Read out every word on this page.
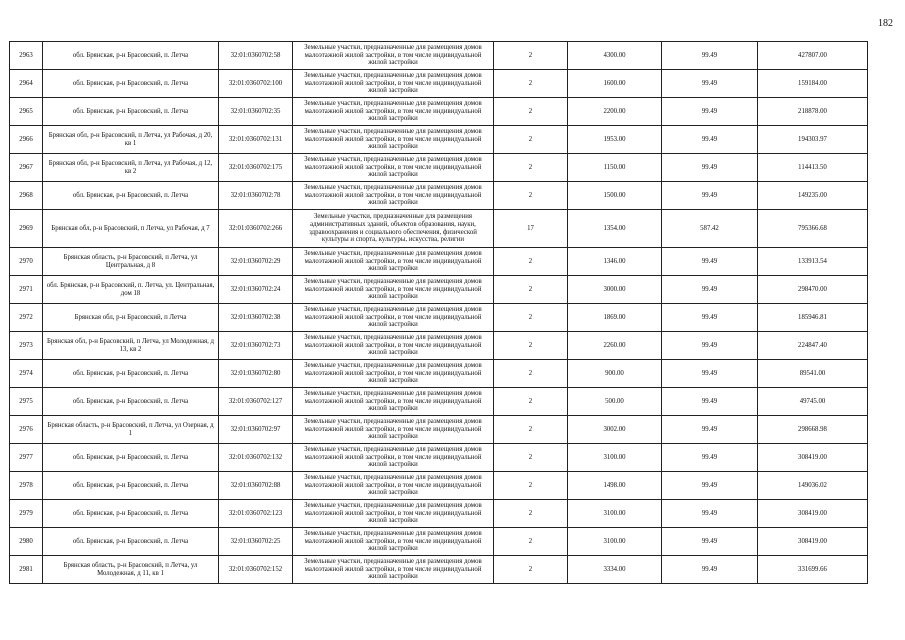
182
2963	обл. Брянская, р-н Брасовский, п. Летча	32:01:0360702:58	Земельные участки, предназначенные для размещения домов малоэтажной жилой застройки, в том числе индивидуальной жилой застройки	2	4300.00	99.49	427807.00
2964	обл. Брянская, р-н Брасовский, п. Летча	32:01:0360702:100	Земельные участки, предназначенные для размещения домов малоэтажной жилой застройки, в том числе индивидуальной жилой застройки	2	1600.00	99.49	159184.00
2965	обл. Брянская, р-н Брасовский, п. Летча	32:01:0360702:35	Земельные участки, предназначенные для размещения домов малоэтажной жилой застройки, в том числе индивидуальной жилой застройки	2	2200.00	99.49	218878.00
2966	Брянская обл, р-н Брасовский, п Летча, ул Рабочая, д 20, кв 1	32:01:0360702:131	Земельные участки, предназначенные для размещения домов малоэтажной жилой застройки, в том числе индивидуальной жилой застройки	2	1953.00	99.49	194303.97
2967	Брянская обл, р-н Брасовский, п Летча, ул Рабочая, д 12, кв 2	32:01:0360702:175	Земельные участки, предназначенные для размещения домов малоэтажной жилой застройки, в том числе индивидуальной жилой застройки	2	1150.00	99.49	114413.50
2968	обл. Брянская, р-н Брасовский, п. Летча	32:01:0360702:78	Земельные участки, предназначенные для размещения домов малоэтажной жилой застройки, в том числе индивидуальной жилой застройки	2	1500.00	99.49	149235.00
2969	Брянская обл, р-н Брасовский, п Летча, ул Рабочая, д 7	32:01:0360702:266	Земельные участки, предназначенные для размещения административных зданий, объектов образования, науки, здравоохранения и социального обеспечения, физической культуры и спорта, культуры, искусства, религии	17	1354.00	587.42	795366.68
2970	Брянская область, р-н Брасовский, п Летча, ул Центральная, д 8	32:01:0360702:29	Земельные участки, предназначенные для размещения домов малоэтажной жилой застройки, в том числе индивидуальной жилой застройки	2	1346.00	99.49	133913.54
2971	обл. Брянская, р-н Брасовский, п. Летча, ул. Центральная, дом 18	32:01:0360702:24	Земельные участки, предназначенные для размещения домов малоэтажной жилой застройки, в том числе индивидуальной жилой застройки	2	3000.00	99.49	298470.00
2972	Брянская обл, р-н Брасовский, п Летча	32:01:0360702:38	Земельные участки, предназначенные для размещения домов малоэтажной жилой застройки, в том числе индивидуальной жилой застройки	2	1869.00	99.49	185946.81
2973	Брянская обл, р-н Брасовский, п Летча, ул Молодежная, д 13, кв 2	32:01:0360702:73	Земельные участки, предназначенные для размещения домов малоэтажной жилой застройки, в том числе индивидуальной жилой застройки	2	2260.00	99.49	224847.40
2974	обл. Брянская, р-н Брасовский, п. Летча	32:01:0360702:80	Земельные участки, предназначенные для размещения домов малоэтажной жилой застройки, в том числе индивидуальной жилой застройки	2	900.00	99.49	89541.00
2975	обл. Брянская, р-н Брасовский, п. Летча	32:01:0360702:127	Земельные участки, предназначенные для размещения домов малоэтажной жилой застройки, в том числе индивидуальной жилой застройки	2	500.00	99.49	49745.00
2976	Брянская область, р-н Брасовский, п Летча, ул Озерная, д 1	32:01:0360702:97	Земельные участки, предназначенные для размещения домов малоэтажной жилой застройки, в том числе индивидуальной жилой застройки	2	3002.00	99.49	298668.98
2977	обл. Брянская, р-н Брасовский, п. Летча	32:01:0360702:132	Земельные участки, предназначенные для размещения домов малоэтажной жилой застройки, в том числе индивидуальной жилой застройки	2	3100.00	99.49	308419.00
2978	обл. Брянская, р-н Брасовский, п. Летча	32:01:0360702:88	Земельные участки, предназначенные для размещения домов малоэтажной жилой застройки, в том числе индивидуальной жилой застройки	2	1498.00	99.49	149036.02
2979	обл. Брянская, р-н Брасовский, п. Летча	32:01:0360702:123	Земельные участки, предназначенные для размещения домов малоэтажной жилой застройки, в том числе индивидуальной жилой застройки	2	3100.00	99.49	308419.00
2980	обл. Брянская, р-н Брасовский, п. Летча	32:01:0360702:25	Земельные участки, предназначенные для размещения домов малоэтажной жилой застройки, в том числе индивидуальной жилой застройки	2	3100.00	99.49	308419.00
2981	Брянская область, р-н Брасовский, п Летча, ул Молодежная, д 11, кв 1	32:01:0360702:152	Земельные участки, предназначенные для размещения домов малоэтажной жилой застройки, в том числе индивидуальной жилой застройки	2	3334.00	99.49	331699.66
